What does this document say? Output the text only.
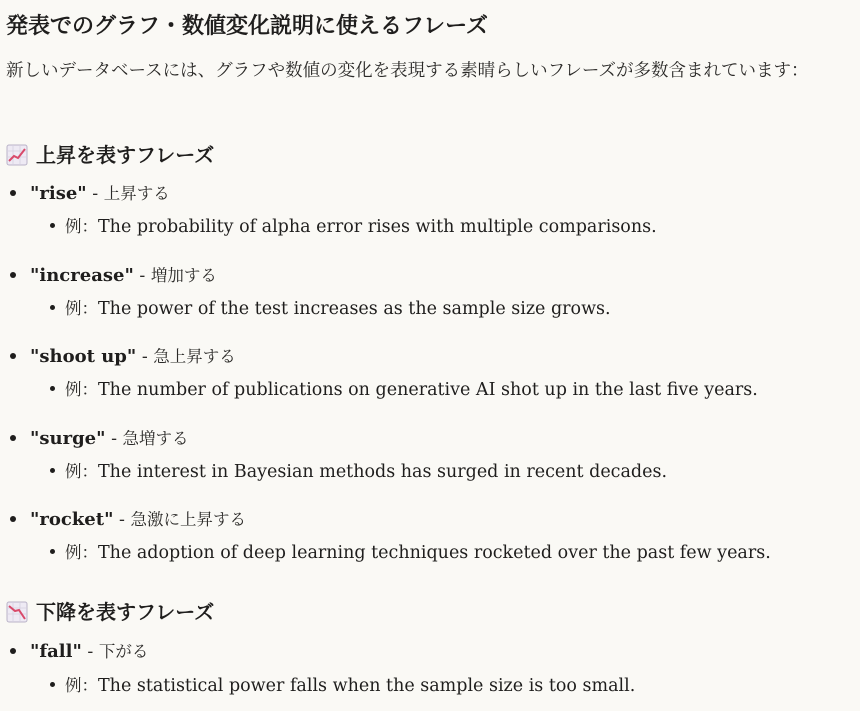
発表でのグラフ・数値変化説明に使えるフレーズ
新しいデータベースには、グラフや数値の変化を表現する素晴らしいフレーズが多数含まれています：
上昇を表すフレーズ
"rise" - 上昇する
例：The probability of alpha error rises with multiple comparisons.
"increase" - 増加する
例：The power of the test increases as the sample size grows.
"shoot up" - 急上昇する
例：The number of publications on generative AI shot up in the last five years.
"surge" - 急増する
例：The interest in Bayesian methods has surged in recent decades.
"rocket" - 急激に上昇する
例：The adoption of deep learning techniques rocketed over the past few years.
下降を表すフレーズ
"fall" - 下がる
例：The statistical power falls when the sample size is too small.
